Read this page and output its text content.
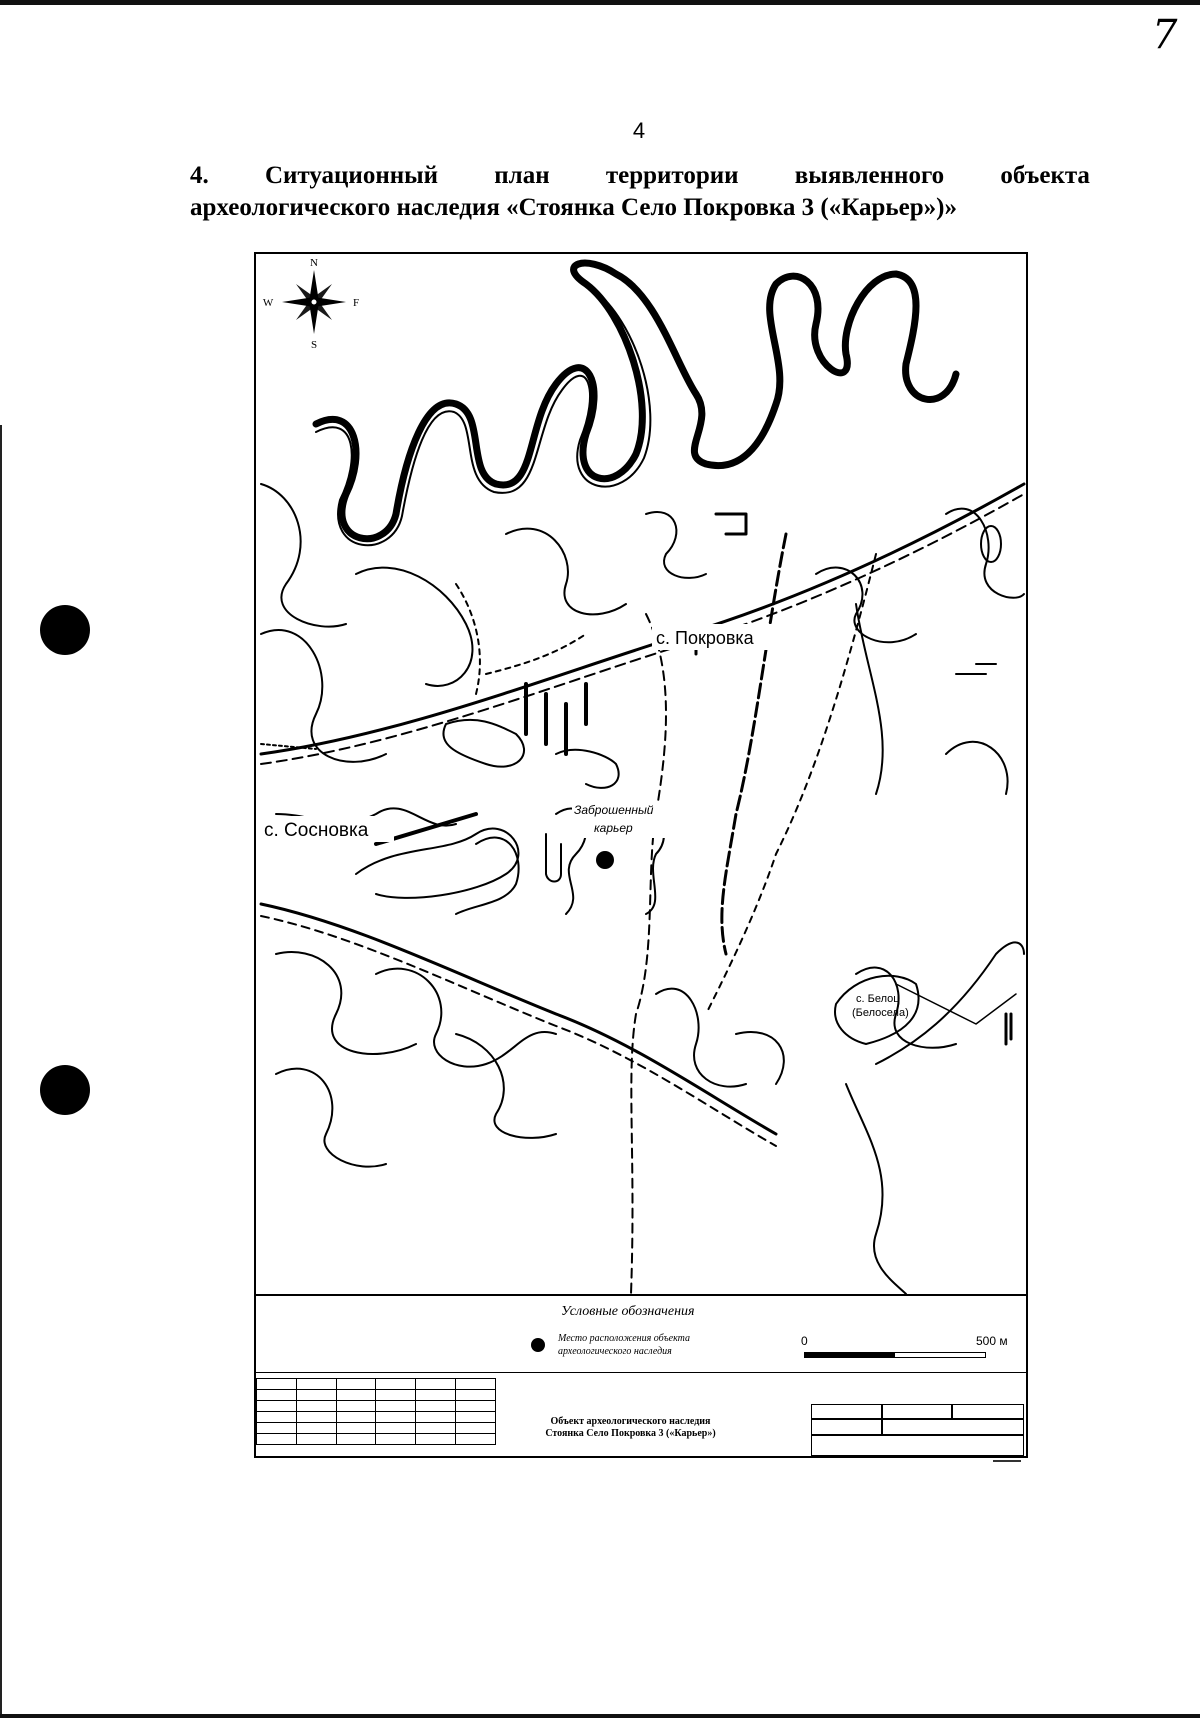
7
4
4. Ситуационный план территории выявленного объекта
археологического наследия «Стоянка Село Покровка 3 («Карьер»)»
N
S
W	F
с. Покровка
с. Сосновка
Заброшенный
карьер
с. Белоц
(Белосела)
Условные обозначения
Место расположения объекта археологического наследия
0	500 м

Объект археологического наследия
Стоянка Село Покровка 3 («Карьер»)
